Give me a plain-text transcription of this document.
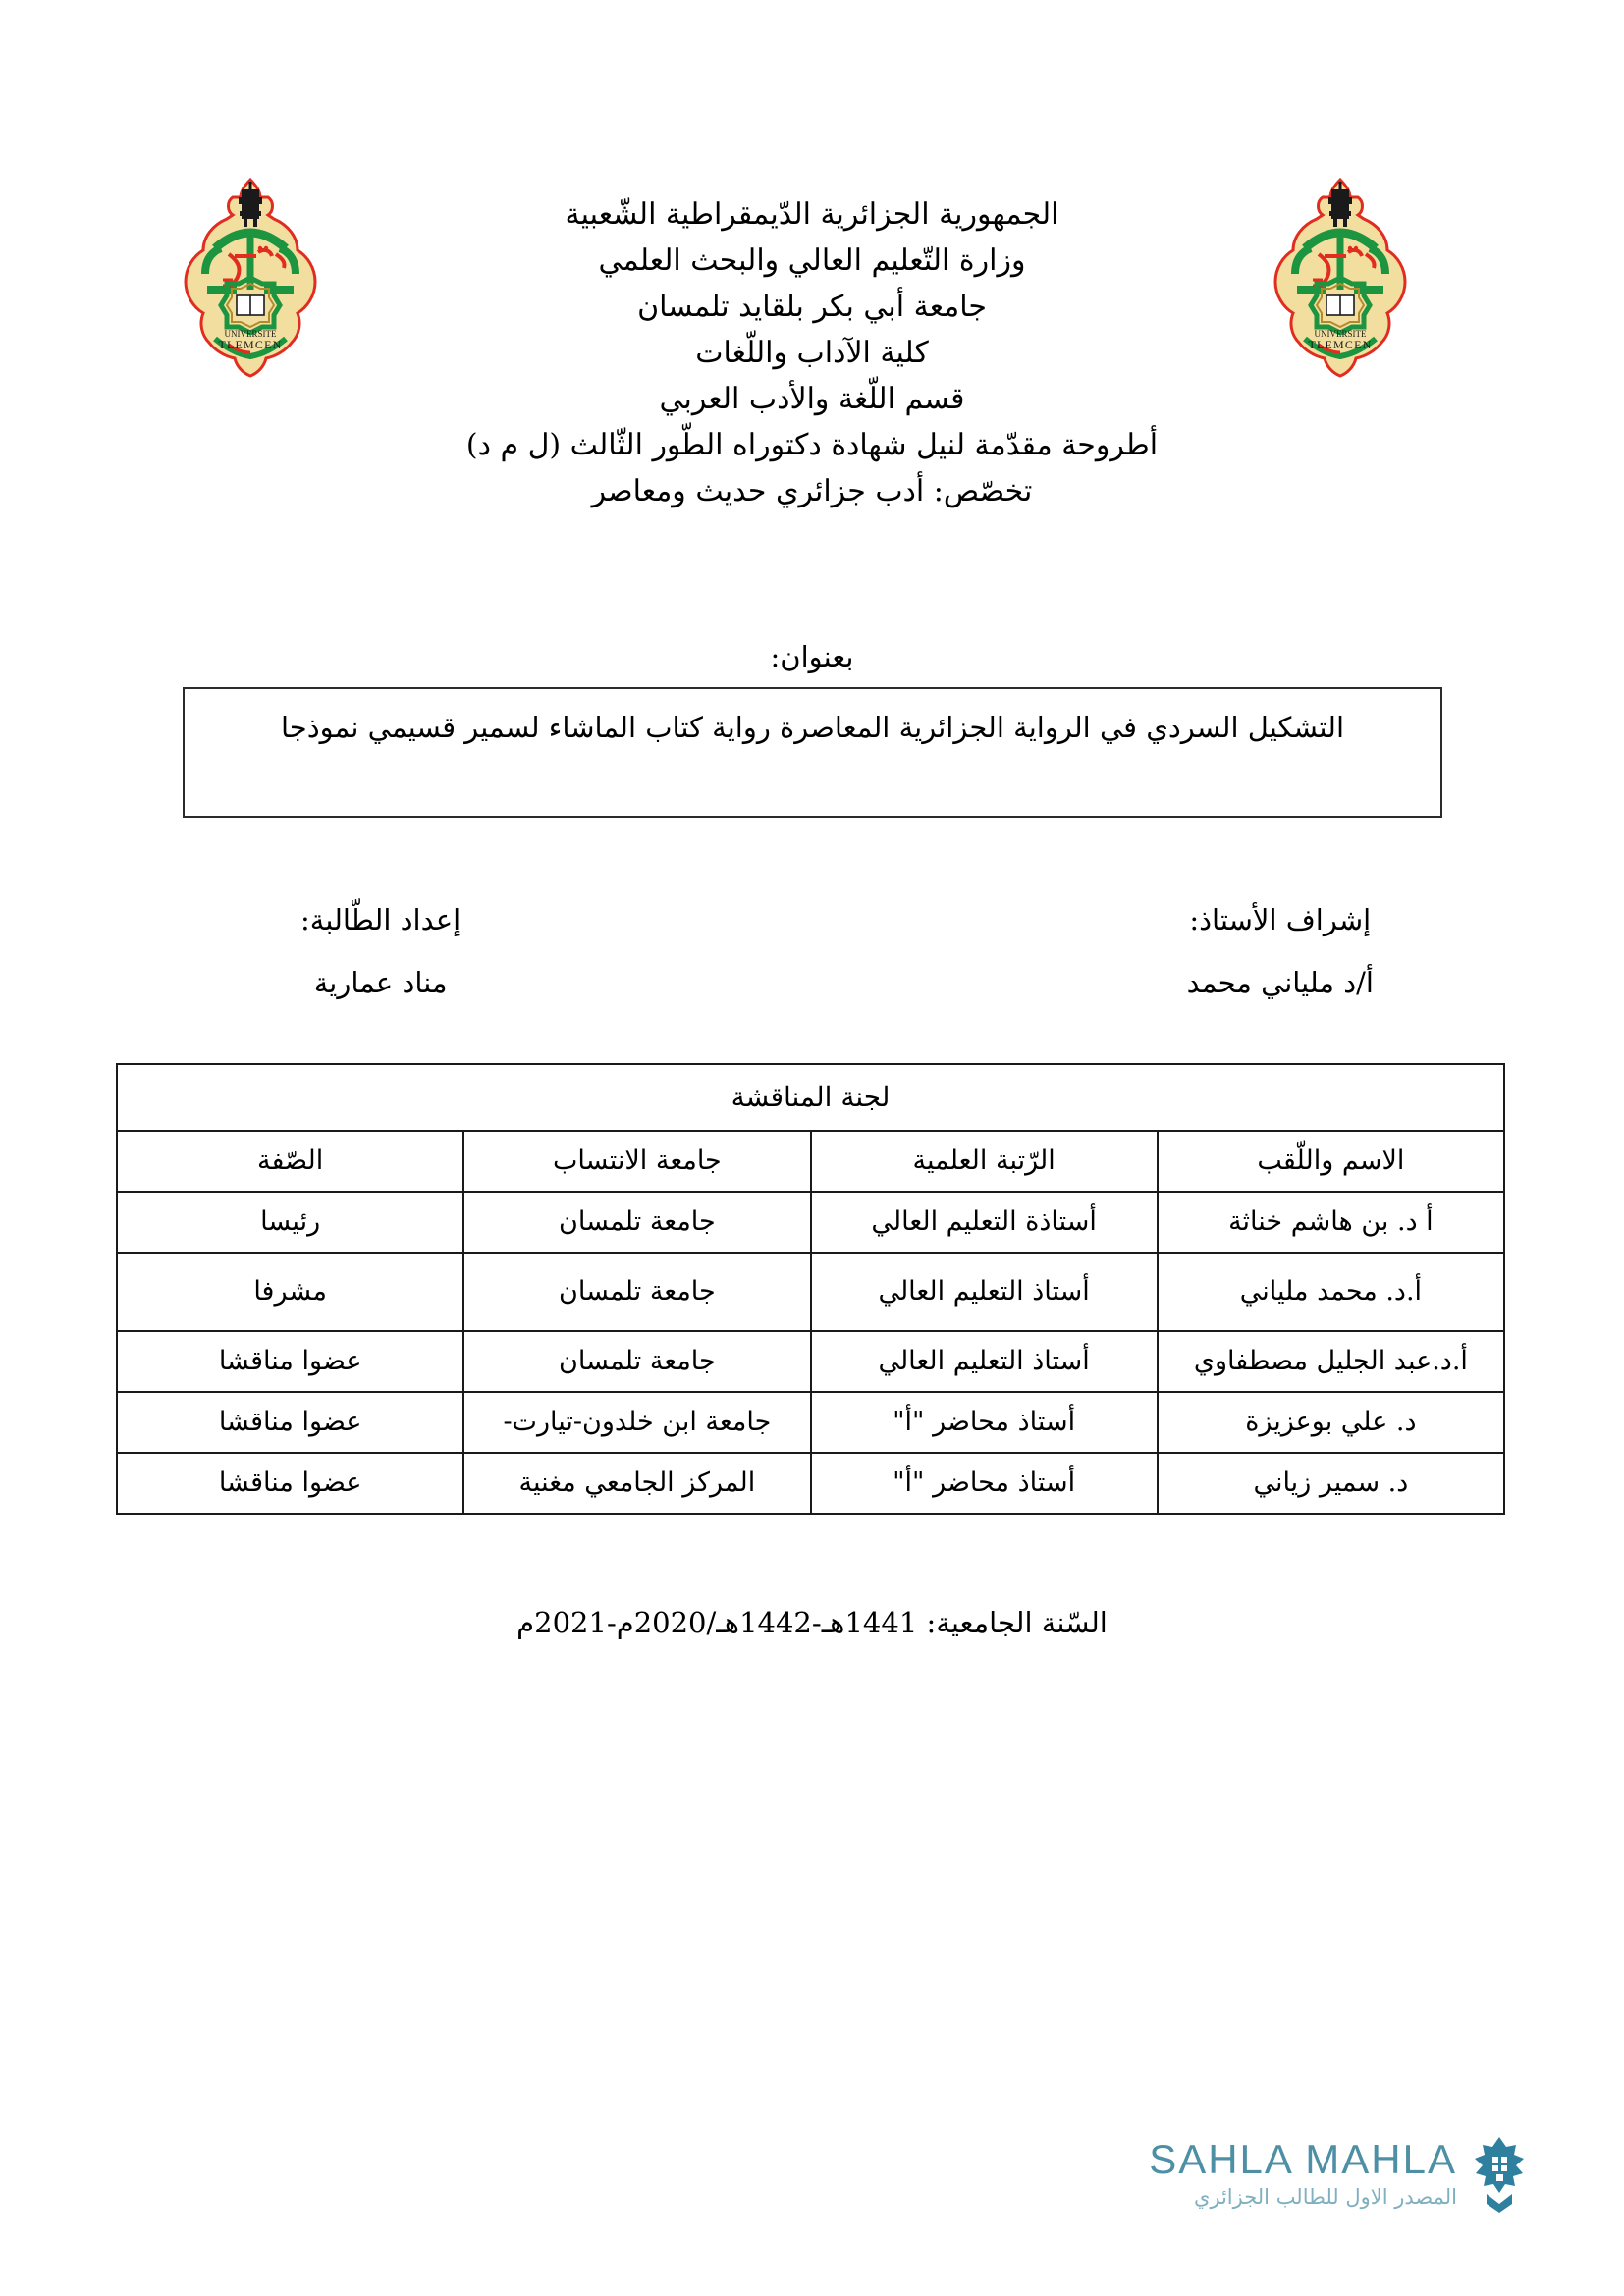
UNIVERSITE
TLEMCEN
UNIVERSITE
TLEMCEN
الجمهورية الجزائرية الدّيمقراطية الشّعبية
وزارة التّعليم العالي والبحث العلمي
جامعة أبي بكر بلقايد تلمسان
كلية الآداب واللّغات
قسم اللّغة والأدب العربي
أطروحة مقدّمة لنيل شهادة دكتوراه الطّور الثّالث (ل م د)
تخصّص: أدب جزائري حديث ومعاصر
بعنوان:
التشكيل السردي في الرواية الجزائرية المعاصرة رواية كتاب الماشاء لسمير قسيمي نموذجا
إعداد الطّالبة:
مناد عمارية
إشراف الأستاذ:
أ/د ملياني محمد
لجنة المناقشة			
الاسم واللّقب	الرّتبة العلمية	جامعة الانتساب	الصّفة
أ د. بن هاشم خناثة	أستاذة التعليم العالي	جامعة تلمسان	رئيسا
أ.د. محمد ملياني	أستاذ التعليم العالي	جامعة تلمسان	مشرفا
أ.د.عبد الجليل مصطفاوي	أستاذ التعليم العالي	جامعة تلمسان	عضوا مناقشا
د. علي بوعزيزة	أستاذ محاضر "أ"	جامعة ابن خلدون-تيارت-	عضوا مناقشا
د. سمير زياني	أستاذ محاضر "أ"	المركز الجامعي مغنية	عضوا مناقشا
السّنة الجامعية: 1441هـ-1442هـ/2020م-2021م
SAHLA MAHLA
المصدر الاول للطالب الجزائري
